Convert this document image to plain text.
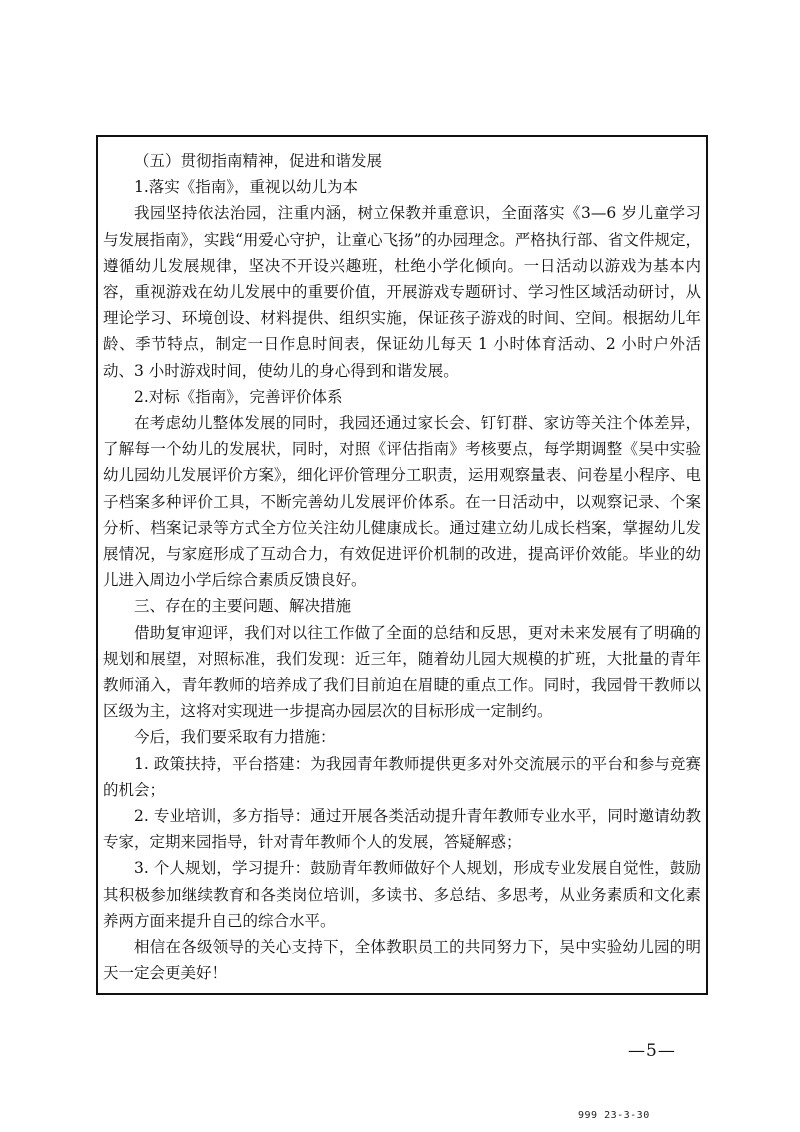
（五）贯彻指南精神，促进和谐发展

1.落实《指南》，重视以幼儿为本

我园坚持依法治园，注重内涵，树立保教并重意识，全面落实《3—6 岁儿童学习与发展指南》，实践“用爱心守护，让童心飞扬”的办园理念。严格执行部、省文件规定，遵循幼儿发展规律，坚决不开设兴趣班，杜绝小学化倾向。一日活动以游戏为基本内容，重视游戏在幼儿发展中的重要价值，开展游戏专题研讨、学习性区域活动研讨，从理论学习、环境创设、材料提供、组织实施，保证孩子游戏的时间、空间。根据幼儿年龄、季节特点，制定一日作息时间表，保证幼儿每天 1 小时体育活动、2 小时户外活动、3 小时游戏时间，使幼儿的身心得到和谐发展。

2.对标《指南》，完善评价体系

在考虑幼儿整体发展的同时，我园还通过家长会、钉钉群、家访等关注个体差异，了解每一个幼儿的发展状，同时，对照《评估指南》考核要点，每学期调整《吴中实验幼儿园幼儿发展评价方案》，细化评价管理分工职责，运用观察量表、问卷星小程序、电子档案多种评价工具，不断完善幼儿发展评价体系。在一日活动中，以观察记录、个案分析、档案记录等方式全方位关注幼儿健康成长。通过建立幼儿成长档案，掌握幼儿发展情况，与家庭形成了互动合力，有效促进评价机制的改进，提高评价效能。毕业的幼儿进入周边小学后综合素质反馈良好。

三、存在的主要问题、解决措施

借助复审迎评，我们对以往工作做了全面的总结和反思，更对未来发展有了明确的规划和展望，对照标准，我们发现：近三年，随着幼儿园大规模的扩班，大批量的青年教师涌入，青年教师的培养成了我们目前迫在眉睫的重点工作。同时，我园骨干教师以区级为主，这将对实现进一步提高办园层次的目标形成一定制约。

今后，我们要采取有力措施：

1. 政策扶持，平台搭建：为我园青年教师提供更多对外交流展示的平台和参与竞赛的机会；

2. 专业培训，多方指导：通过开展各类活动提升青年教师专业水平，同时邀请幼教专家，定期来园指导，针对青年教师个人的发展，答疑解惑；

3. 个人规划，学习提升：鼓励青年教师做好个人规划，形成专业发展自觉性，鼓励其积极参加继续教育和各类岗位培训，多读书、多总结、多思考，从业务素质和文化素养两方面来提升自己的综合水平。

相信在各级领导的关心支持下，全体教职员工的共同努力下，吴中实验幼儿园的明天一定会更美好！

—5—
999 23-3-30
